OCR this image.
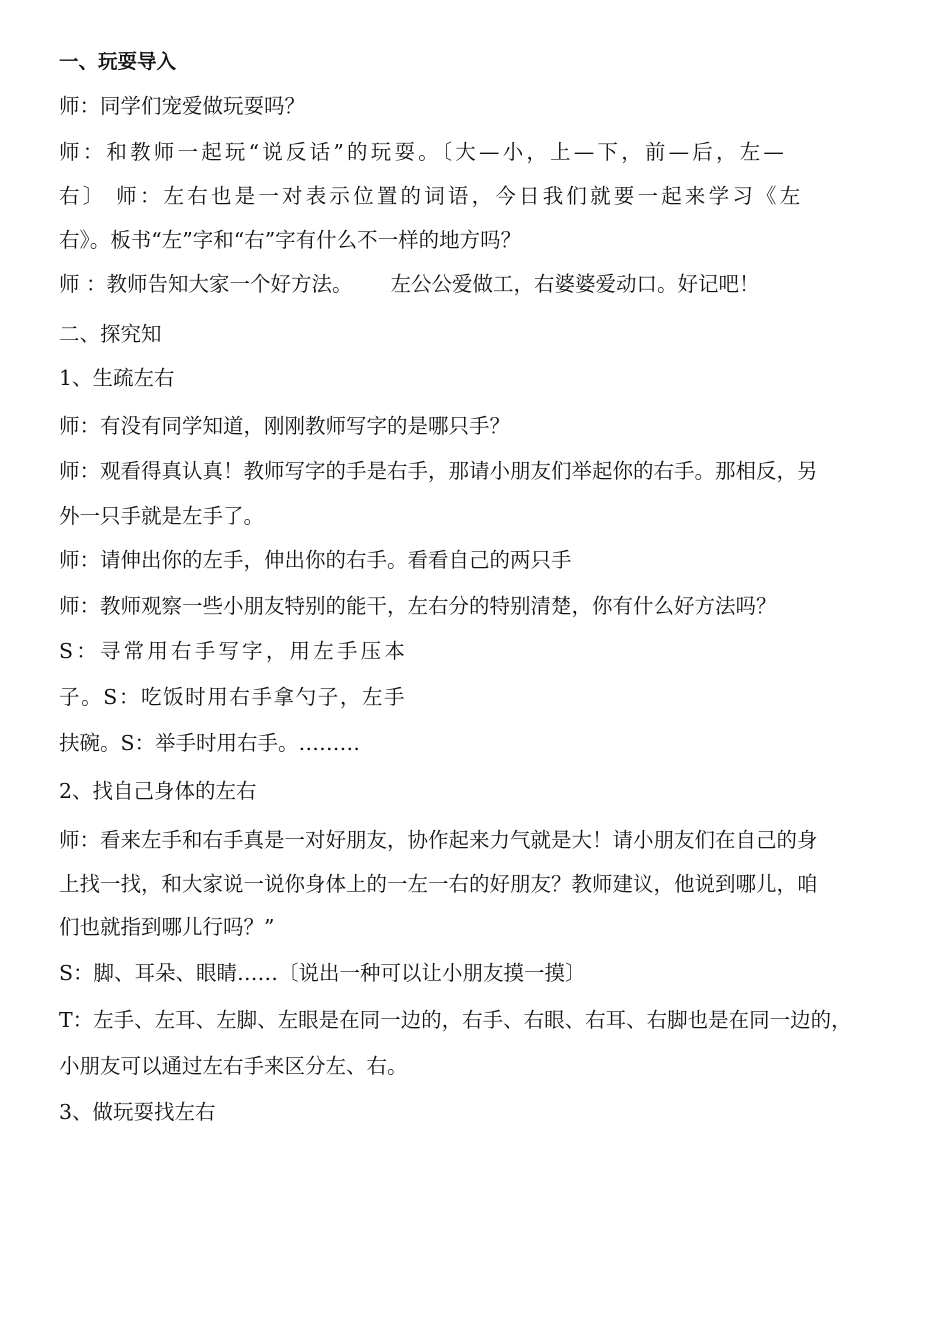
一、玩耍导入
师：同学们宠爱做玩耍吗？
师：和教师一起玩“说反话”的玩耍。〔大—小，上—下，前—后，左—
右〕 师：左右也是一对表示位置的词语，今日我们就要一起来学习《左
右》。板书“左”字和“右”字有什么不一样的地方吗？
师 ：教师告知大家一个好方法。 左公公爱做工，右婆婆爱动口。好记吧！
二、探究知
1、生疏左右
师：有没有同学知道，刚刚教师写字的是哪只手？
师：观看得真认真！教师写字的手是右手，那请小朋友们举起你的右手。那相反，另
外一只手就是左手了。
师：请伸出你的左手，伸出你的右手。看看自己的两只手
师：教师观察一些小朋友特别的能干，左右分的特别清楚，你有什么好方法吗？
S：寻常用右手写字，用左手压本
子。S：吃饭时用右手拿勺子，左手
扶碗。S：举手时用右手。………
2、找自己身体的左右
师：看来左手和右手真是一对好朋友，协作起来力气就是大！请小朋友们在自己的身
上找一找，和大家说一说你身体上的一左一右的好朋友？教师建议，他说到哪儿，咱
们也就指到哪儿行吗？”
S：脚、耳朵、眼睛……〔说出一种可以让小朋友摸一摸〕
T：左手、左耳、左脚、左眼是在同一边的，右手、右眼、右耳、右脚也是在同一边的，
小朋友可以通过左右手来区分左、右。
3、做玩耍找左右
